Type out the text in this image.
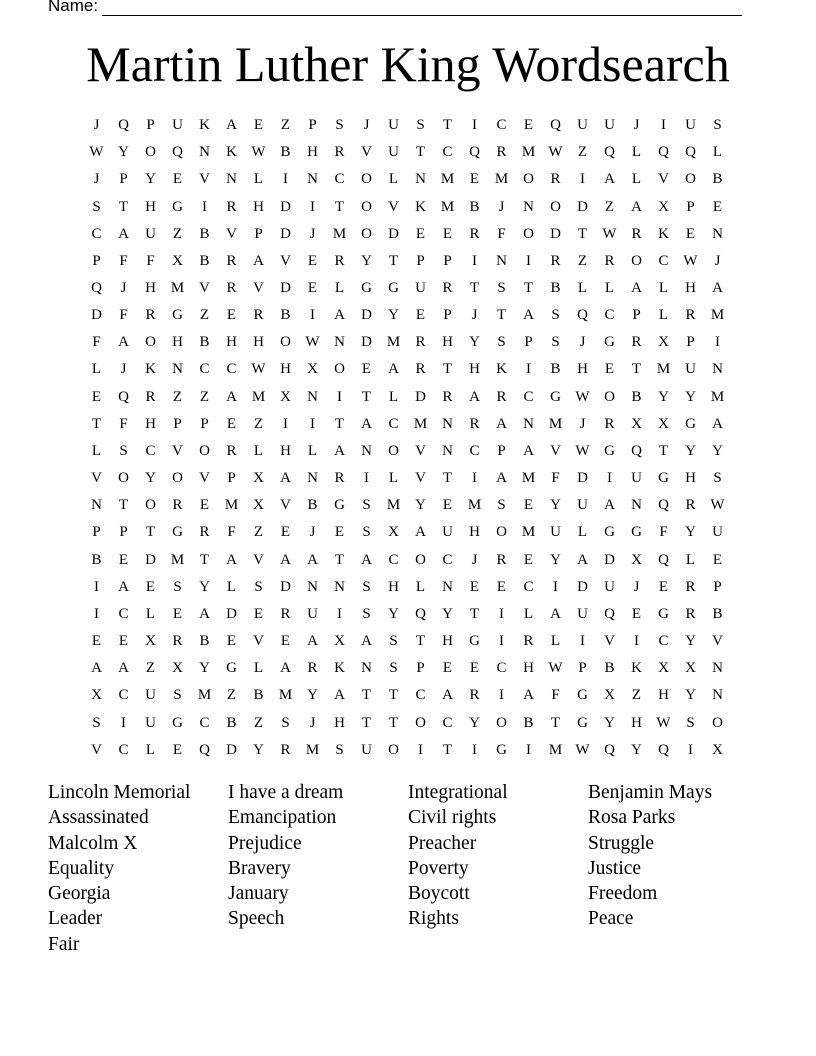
Name:
Martin Luther King Wordsearch
J	Q	P	U	K	A	E	Z	P	S	J	U	S	T	I	C	E	Q	U	U	J	I	U	S
W Y	O	Q	N	K W B	H	R	V	U	T	C	Q	R	M W	Z	Q	L	Q	Q	L
J	P	Y	E	V	N	L	I	N	C	O	L	N M	E	M O	R	I	A	L	V	O	B
S	T	H	G	I	R	H	D	I	T	O	V	K M	B	J	N	O	D	Z	A	X	P	E
C	A	U	Z	B	V	P	D	J	M O	D	E	E	R	F	O	D	T	W R	K	E	N
P	F	F	X	B	R	A	V	E	R	Y	T	P	P	I	N	I	R	Z	R	O	C W	J
Q	J	H M V	R	V	D	E	L	G	G	U	R	T	S	T	B	L	L	A	L	H	A
D	F	R	G	Z	E	R	B	I	A	D	Y	E	P	J	T	A	S	Q	C	P	L	R	M
F	A	O	H	B	H	H	O W N	D M	R	H	Y	S	P	S	J	G	R	X	P	I
L	J	K	N	C	C W H	X	O	E	A	R	T	H	K	I	B	H	E	T	M U	N
E	Q	R	Z	Z	A M X	N	I	T	L	D	R	A	R	C	G W O	B	Y	Y M
T	F	H	P	P	E	Z	I	I	T	A	C	M N	R	A	N M	J	R	X	X	G	A
L	S	C	V	O	R	L	H	L	A	N	O	V	N	C	P	A	V W G	Q	T	Y	Y
V	O	Y	O	V	P	X	A	N	R	I	L	V	T	I	A M	F	D	I	U	G	H	S
N	T	O	R	E	M X	V	B	G	S	M Y	E	M	S	E	Y	U	A	N	Q	R W
P	P	T	G	R	F	Z	E	J	E	S	X	A	U	H	O M U	L	G	G	F	Y	U
B	E	D M	T	A	V	A	A	T	A	C	O	C	J	R	E	Y	A	D	X	Q	L	E
I	A	E	S	Y	L	S	D	N	N	S	H	L	N	E	E	C	I	D	U	J	E	R	P
I	C	L	E	A	D	E	R	U	I	S	Y	Q	Y	T	I	L	A	U	Q	E	G	R	B
E	E	X	R	B	E	V	E	A	X	A	S	T	H	G	I	R	L	I	V	I	C	Y	V
A	A	Z	X	Y	G	L	A	R	K	N	S	P	E	E	C	H W	P	B	K	X	X	N
X	C	U	S	M	Z	B	M Y	A	T	T	C	A	R	I	A	F	G	X	Z	H	Y	N
S	I	U	G	C	B	Z	S	J	H	T	T	O	C	Y	O	B	T	G	Y	H W	S	O
V	C	L	E	Q	D	Y	R	M	S	U	O	I	T	I	G	I	M W Q	Y	Q	I	X
Lincoln Memorial
Assassinated
Malcolm X
Equality
Georgia
Leader
Fair
I have a dream
Emancipation
Prejudice
Bravery
January
Speech
Integrational
Civil rights
Preacher
Poverty
Boycott
Rights
Benjamin Mays
Rosa Parks
Struggle
Justice
Freedom
Peace
